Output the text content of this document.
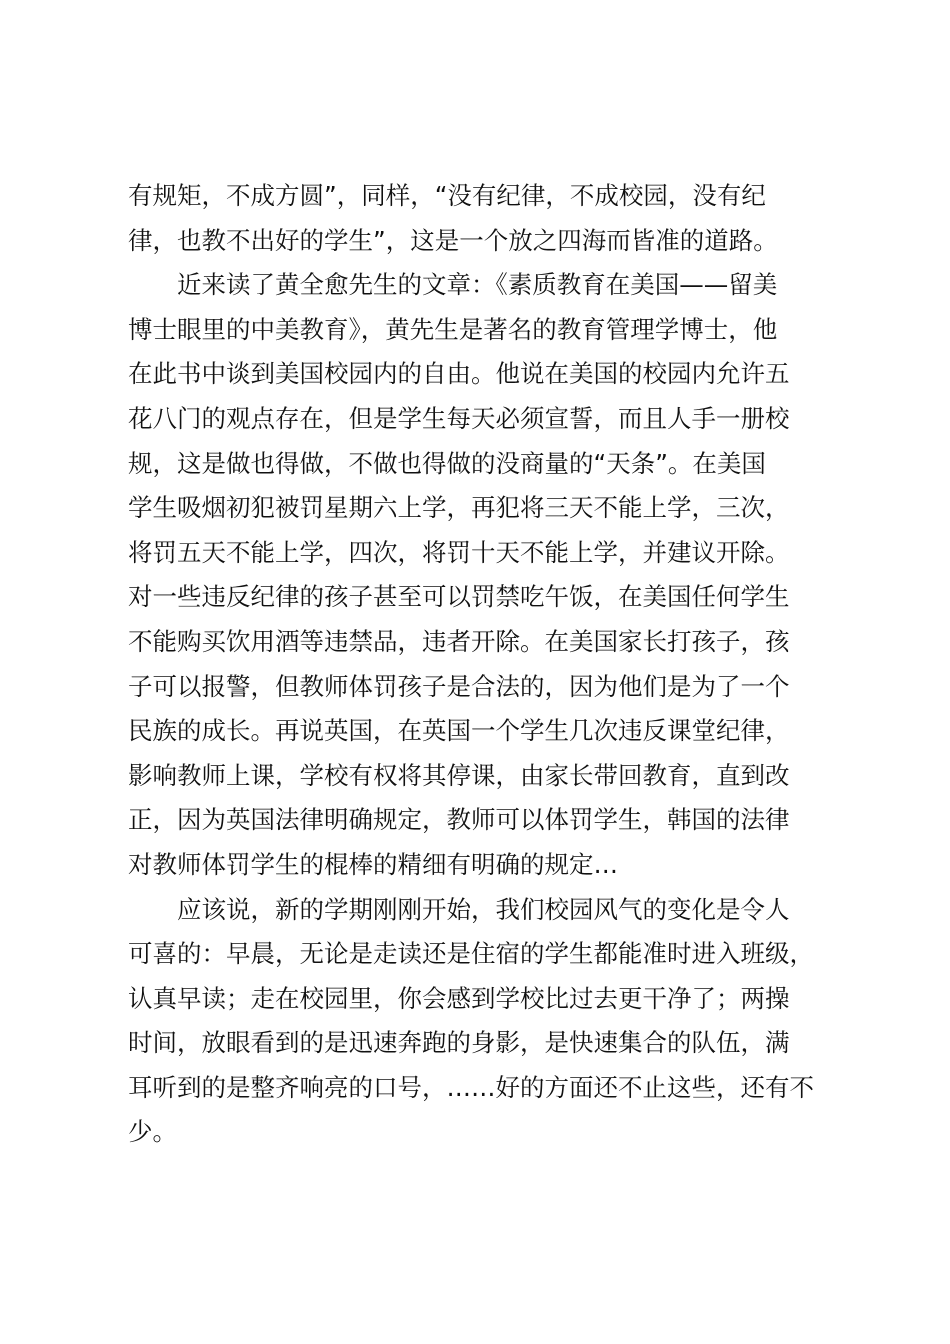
有规矩，不成方圆”，同样，“没有纪律，不成校园，没有纪
律，也教不出好的学生”，这是一个放之四海而皆准的道路。
　　近来读了黄全愈先生的文章：《素质教育在美国——留美
博士眼里的中美教育》，黄先生是著名的教育管理学博士，他
在此书中谈到美国校园内的自由。他说在美国的校园内允许五
花八门的观点存在，但是学生每天必须宣誓，而且人手一册校
规，这是做也得做，不做也得做的没商量的“天条”。在美国
学生吸烟初犯被罚星期六上学，再犯将三天不能上学，三次，
将罚五天不能上学，四次，将罚十天不能上学，并建议开除。
对一些违反纪律的孩子甚至可以罚禁吃午饭，在美国任何学生
不能购买饮用酒等违禁品，违者开除。在美国家长打孩子，孩
子可以报警，但教师体罚孩子是合法的，因为他们是为了一个
民族的成长。再说英国，在英国一个学生几次违反课堂纪律，
影响教师上课，学校有权将其停课，由家长带回教育，直到改
正，因为英国法律明确规定，教师可以体罚学生，韩国的法律
对教师体罚学生的棍棒的精细有明确的规定…
　　应该说，新的学期刚刚开始，我们校园风气的变化是令人
可喜的：早晨，无论是走读还是住宿的学生都能准时进入班级，
认真早读；走在校园里，你会感到学校比过去更干净了；两操
时间，放眼看到的是迅速奔跑的身影，是快速集合的队伍，满
耳听到的是整齐响亮的口号，……好的方面还不止这些，还有不
少。
